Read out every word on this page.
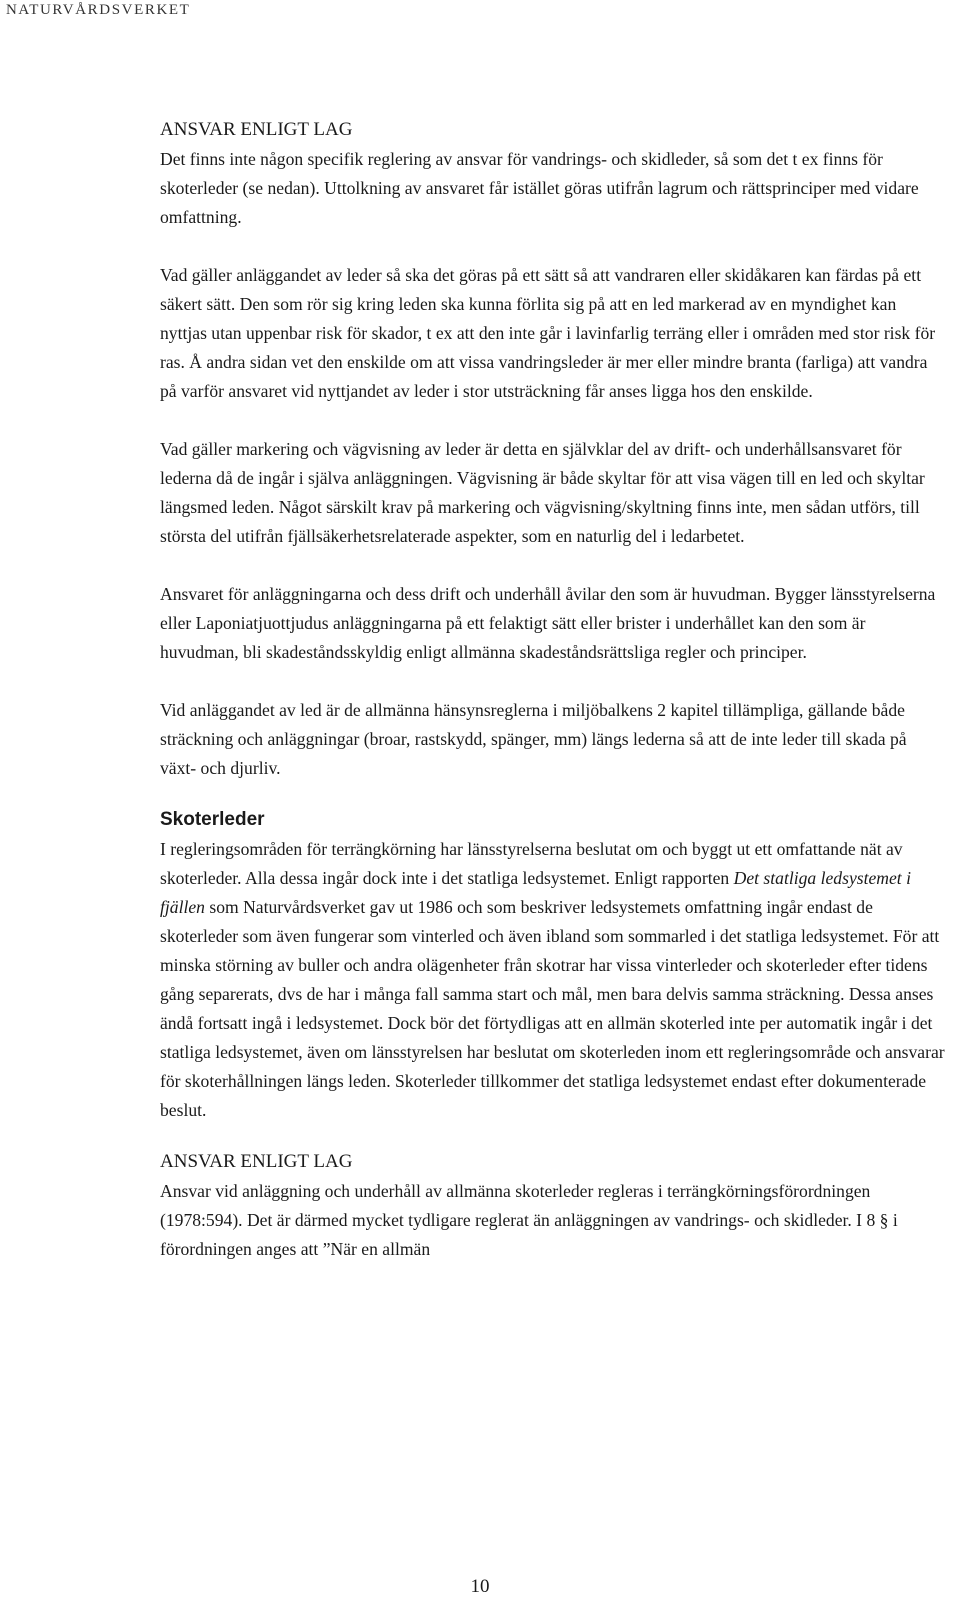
NATURVÅRDSVERKET
ANSVAR ENLIGT LAG

Det finns inte någon specifik reglering av ansvar för vandrings- och skidleder, så som det t ex finns för skoterleder (se nedan). Uttolkning av ansvaret får istället göras utifrån lagrum och rättsprinciper med vidare omfattning.

Vad gäller anläggandet av leder så ska det göras på ett sätt så att vandraren eller skidåkaren kan färdas på ett säkert sätt. Den som rör sig kring leden ska kunna förlita sig på att en led markerad av en myndighet kan nyttjas utan uppenbar risk för skador, t ex att den inte går i lavinfarlig terräng eller i områden med stor risk för ras. Å andra sidan vet den enskilde om att vissa vandringsleder är mer eller mindre branta (farliga) att vandra på varför ansvaret vid nyttjandet av leder i stor utsträckning får anses ligga hos den enskilde.

Vad gäller markering och vägvisning av leder är detta en självklar del av drift- och underhållsansvaret för lederna då de ingår i själva anläggningen. Vägvisning är både skyltar för att visa vägen till en led och skyltar längsmed leden. Något särskilt krav på markering och vägvisning/skyltning finns inte, men sådan utförs, till största del utifrån fjällsäkerhetsrelaterade aspekter, som en naturlig del i ledarbetet.

Ansvaret för anläggningarna och dess drift och underhåll åvilar den som är huvudman. Bygger länsstyrelserna eller Laponiatjuottjudus anläggningarna på ett felaktigt sätt eller brister i underhållet kan den som är huvudman, bli skadeståndsskyldig enligt allmänna skadeståndsrättsliga regler och principer.

Vid anläggandet av led är de allmänna hänsynsreglerna i miljöbalkens 2 kapitel tillämpliga, gällande både sträckning och anläggningar (broar, rastskydd, spänger, mm) längs lederna så att de inte leder till skada på växt- och djurliv.

Skoterleder

I regleringsområden för terrängkörning har länsstyrelserna beslutat om och byggt ut ett omfattande nät av skoterleder. Alla dessa ingår dock inte i det statliga ledsystemet. Enligt rapporten Det statliga ledsystemet i fjällen som Naturvårdsverket gav ut 1986 och som beskriver ledsystemets omfattning ingår endast de skoterleder som även fungerar som vinterled och även ibland som sommarled i det statliga ledsystemet. För att minska störning av buller och andra olägenheter från skotrar har vissa vinterleder och skoterleder efter tidens gång separerats, dvs de har i många fall samma start och mål, men bara delvis samma sträckning. Dessa anses ändå fortsatt ingå i ledsystemet. Dock bör det förtydligas att en allmän skoterled inte per automatik ingår i det statliga ledsystemet, även om länsstyrelsen har beslutat om skoterleden inom ett regleringsområde och ansvarar för skoterhållningen längs leden. Skoterleder tillkommer det statliga ledsystemet endast efter dokumenterade beslut.

ANSVAR ENLIGT LAG

Ansvar vid anläggning och underhåll av allmänna skoterleder regleras i terrängkörningsförordningen (1978:594). Det är därmed mycket tydligare reglerat än anläggningen av vandrings- och skidleder. I 8 § i förordningen anges att ”När en allmän

10
